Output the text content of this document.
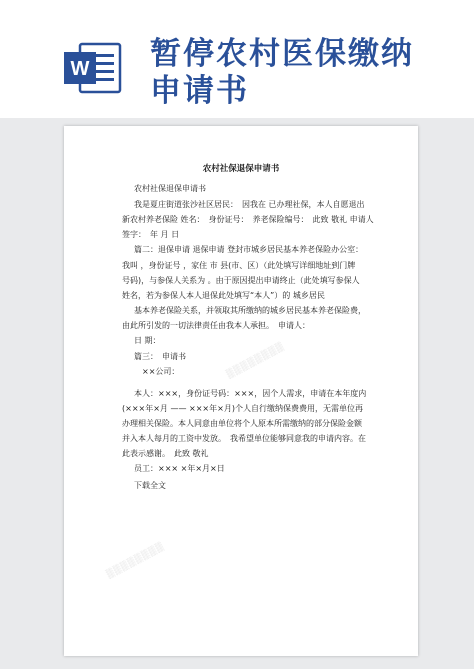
W 暂停农村医保缴纳
申请书
▒▒▒▒▒▒▒▒
▒▒▒▒▒▒▒▒
农村社保退保申请书
农村社保退保申请书
我是夏庄街道张沙社区居民：　因我在 已办理社保，本人自愿退出
新农村养老保险 姓名：　身份证号：　养老保险编号：　此致 敬礼 申请人
签字：　年 月 日
篇二：退保申请 退保申请 登封市城乡居民基本养老保险办公室：
我叫 ，身份证号 ，家住 市 县(市、区）（此处填写详细地址到门牌
号码)，与参保人关系为 。由于原因提出申请终止（此处填写参保人
姓名，若为参保人本人退保此处填写“本人”）的 城乡居民
基本养老保险关系，并领取其所缴纳的城乡居民基本养老保险费，
由此所引发的一切法律责任由我本人承担。　申请人：
日 期：
篇三：　申请书
××公司：
本人：×××，身份证号码：×××，因个人需求，申请在本年度内
(×××年×月 —— ×××年×月)个人自行缴纳保费费用，无需单位再
办理相关保险。本人同意由单位将个人原本所需缴纳的部分保险金额
并入本人每月的工资中发放。　我希望单位能够同意我的申请内容。在
此表示感谢。　此致 敬礼
员工：××× ×年×月×日
下载全文
